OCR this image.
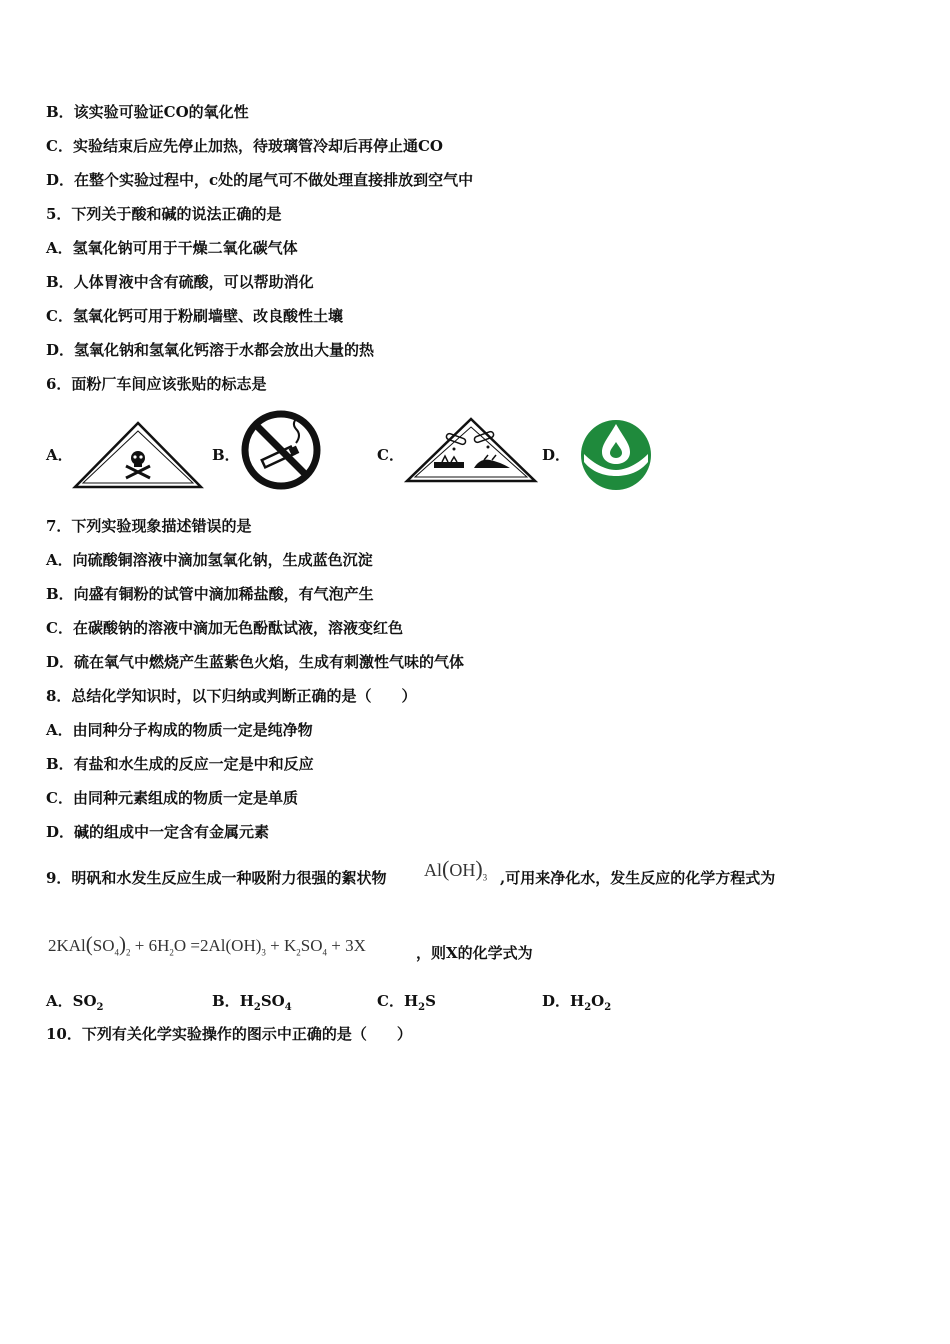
B．该实验可验证CO的氧化性
C．实验结束后应先停止加热，待玻璃管冷却后再停止通CO
D．在整个实验过程中，c处的尾气可不做处理直接排放到空气中
5．下列关于酸和碱的说法正确的是
A．氢氧化钠可用于干燥二氧化碳气体
B．人体胃液中含有硫酸，可以帮助消化
C．氢氧化钙可用于粉刷墙壁、改良酸性土壤
D．氢氧化钠和氢氧化钙溶于水都会放出大量的热
6．面粉厂车间应该张贴的标志是
A．	B．	C．	D．
7．下列实验现象描述错误的是
A．向硫酸铜溶液中滴加氢氧化钠，生成蓝色沉淀
B．向盛有铜粉的试管中滴加稀盐酸，有气泡产生
C．在碳酸钠的溶液中滴加无色酚酞试液，溶液变红色
D．硫在氧气中燃烧产生蓝紫色火焰，生成有刺激性气味的气体
8．总结化学知识时，以下归纳或判断正确的是（　　）
A．由同种分子构成的物质一定是纯净物
B．有盐和水生成的反应一定是中和反应
C．由同种元素组成的物质一定是单质
D．碱的组成中一定含有金属元素
9．明矾和水发生反应生成一种吸附力很强的絮状物 $Al(OH)_3$ ,可用来净化水，发生反应的化学方程式为
$2KAl(SO_4)_2 + 6H_2O =2Al(OH)_3 + K_2SO_4 + 3X$	，则X的化学式为
A．$SO_2$	B．$H_2SO_4$	C．$H_2S$	D．$H_2O_2$
10．下列有关化学实验操作的图示中正确的是（　　）
